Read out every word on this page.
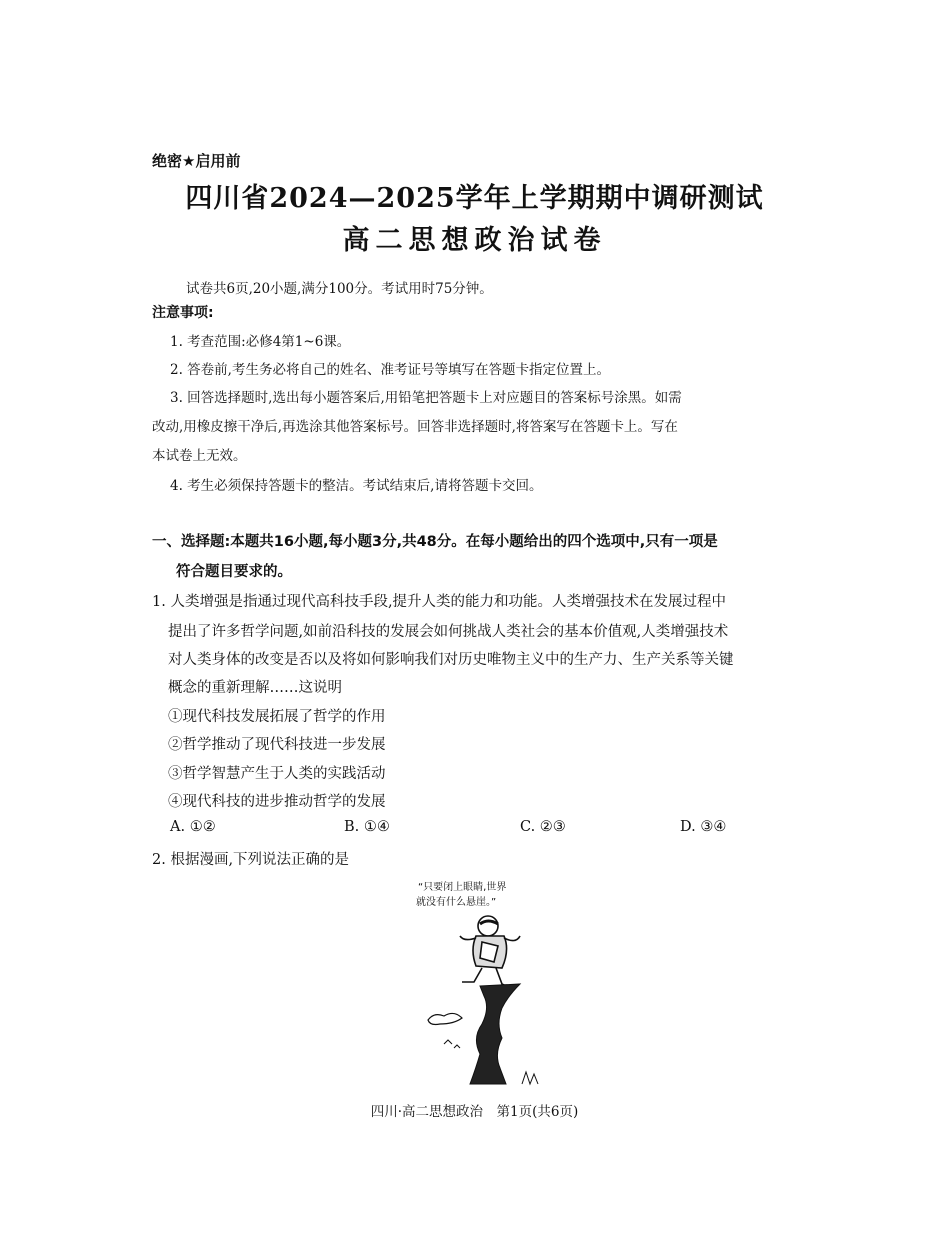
绝密★启用前
四川省2024—2025学年上学期期中调研测试
高二思想政治试卷
试卷共6页,20小题,满分100分。考试用时75分钟。
注意事项:
1. 考查范围:必修4第1~6课。
2. 答卷前,考生务必将自己的姓名、准考证号等填写在答题卡指定位置上。
3. 回答选择题时,选出每小题答案后,用铅笔把答题卡上对应题目的答案标号涂黑。如需
改动,用橡皮擦干净后,再选涂其他答案标号。回答非选择题时,将答案写在答题卡上。写在
本试卷上无效。
4. 考生必须保持答题卡的整洁。考试结束后,请将答题卡交回。
一、选择题:本题共16小题,每小题3分,共48分。在每小题给出的四个选项中,只有一项是
符合题目要求的。
1. 人类增强是指通过现代高科技手段,提升人类的能力和功能。人类增强技术在发展过程中
提出了许多哲学问题,如前沿科技的发展会如何挑战人类社会的基本价值观,人类增强技术
对人类身体的改变是否以及将如何影响我们对历史唯物主义中的生产力、生产关系等关键
概念的重新理解……这说明
①现代科技发展拓展了哲学的作用
②哲学推动了现代科技进一步发展
③哲学智慧产生于人类的实践活动
④现代科技的进步推动哲学的发展
A. ①②	B. ①④	C. ②③	D. ③④
2. 根据漫画,下列说法正确的是
“只要闭上眼睛,世界
就没有什么悬崖。”
四川·高二思想政治　第1页(共6页)
